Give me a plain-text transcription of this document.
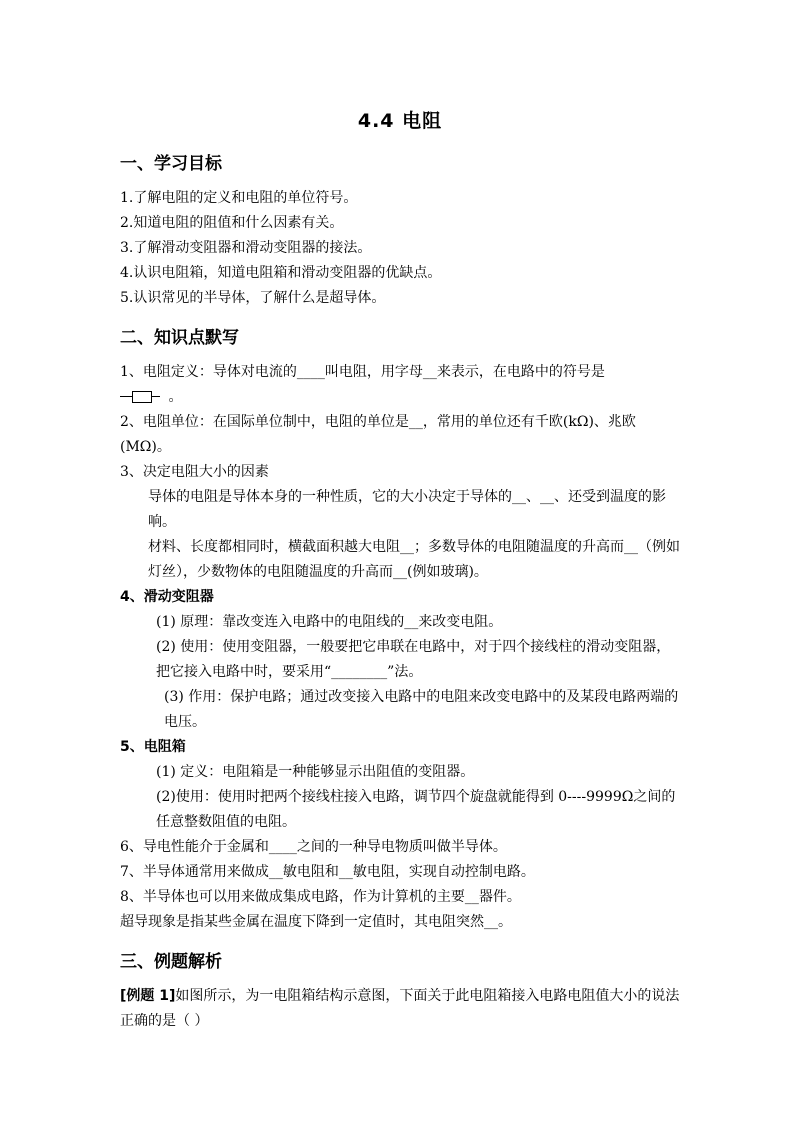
4.4 电阻
一、学习目标

1.了解电阻的定义和电阻的单位符号。

2.知道电阻的阻值和什么因素有关。

3.了解滑动变阻器和滑动变阻器的接法。

4.认识电阻箱，知道电阻箱和滑动变阻器的优缺点。

5.认识常见的半导体，了解什么是超导体。

二、知识点默写

1、电阻定义：导体对电流的____叫电阻，用字母__来表示，在电路中的符号是

。

2、电阻单位：在国际单位制中，电阻的单位是__，常用的单位还有千欧(kΩ)、兆欧(MΩ)。

3、决定电阻大小的因素

导体的电阻是导体本身的一种性质，它的大小决定于导体的__、__、还受到温度的影响。

材料、长度都相同时，横截面积越大电阻__；多数导体的电阻随温度的升高而__（例如灯丝），少数物体的电阻随温度的升高而__(例如玻璃)。

4、滑动变阻器

(1) 原理：靠改变连入电路中的电阻线的__来改变电阻。

(2) 使用：使用变阻器，一般要把它串联在电路中，对于四个接线柱的滑动变阻器，把它接入电路中时，要采用“________”法。

(3) 作用：保护电路；通过改变接入电路中的电阻来改变电路中的及某段电路两端的电压。

5、电阻箱

(1) 定义：电阻箱是一种能够显示出阻值的变阻器。

(2)使用：使用时把两个接线柱接入电路，调节四个旋盘就能得到 0----9999Ω之间的任意整数阻值的电阻。

6、导电性能介于金属和____之间的一种导电物质叫做半导体。

7、半导体通常用来做成__敏电阻和__敏电阻，实现自动控制电路。

8、半导体也可以用来做成集成电路，作为计算机的主要__器件。

超导现象是指某些金属在温度下降到一定值时，其电阻突然__。

三、例题解析

[例题 1]如图所示，为一电阻箱结构示意图，下面关于此电阻箱接入电路电阻值大小的说法正确的是（ ）
